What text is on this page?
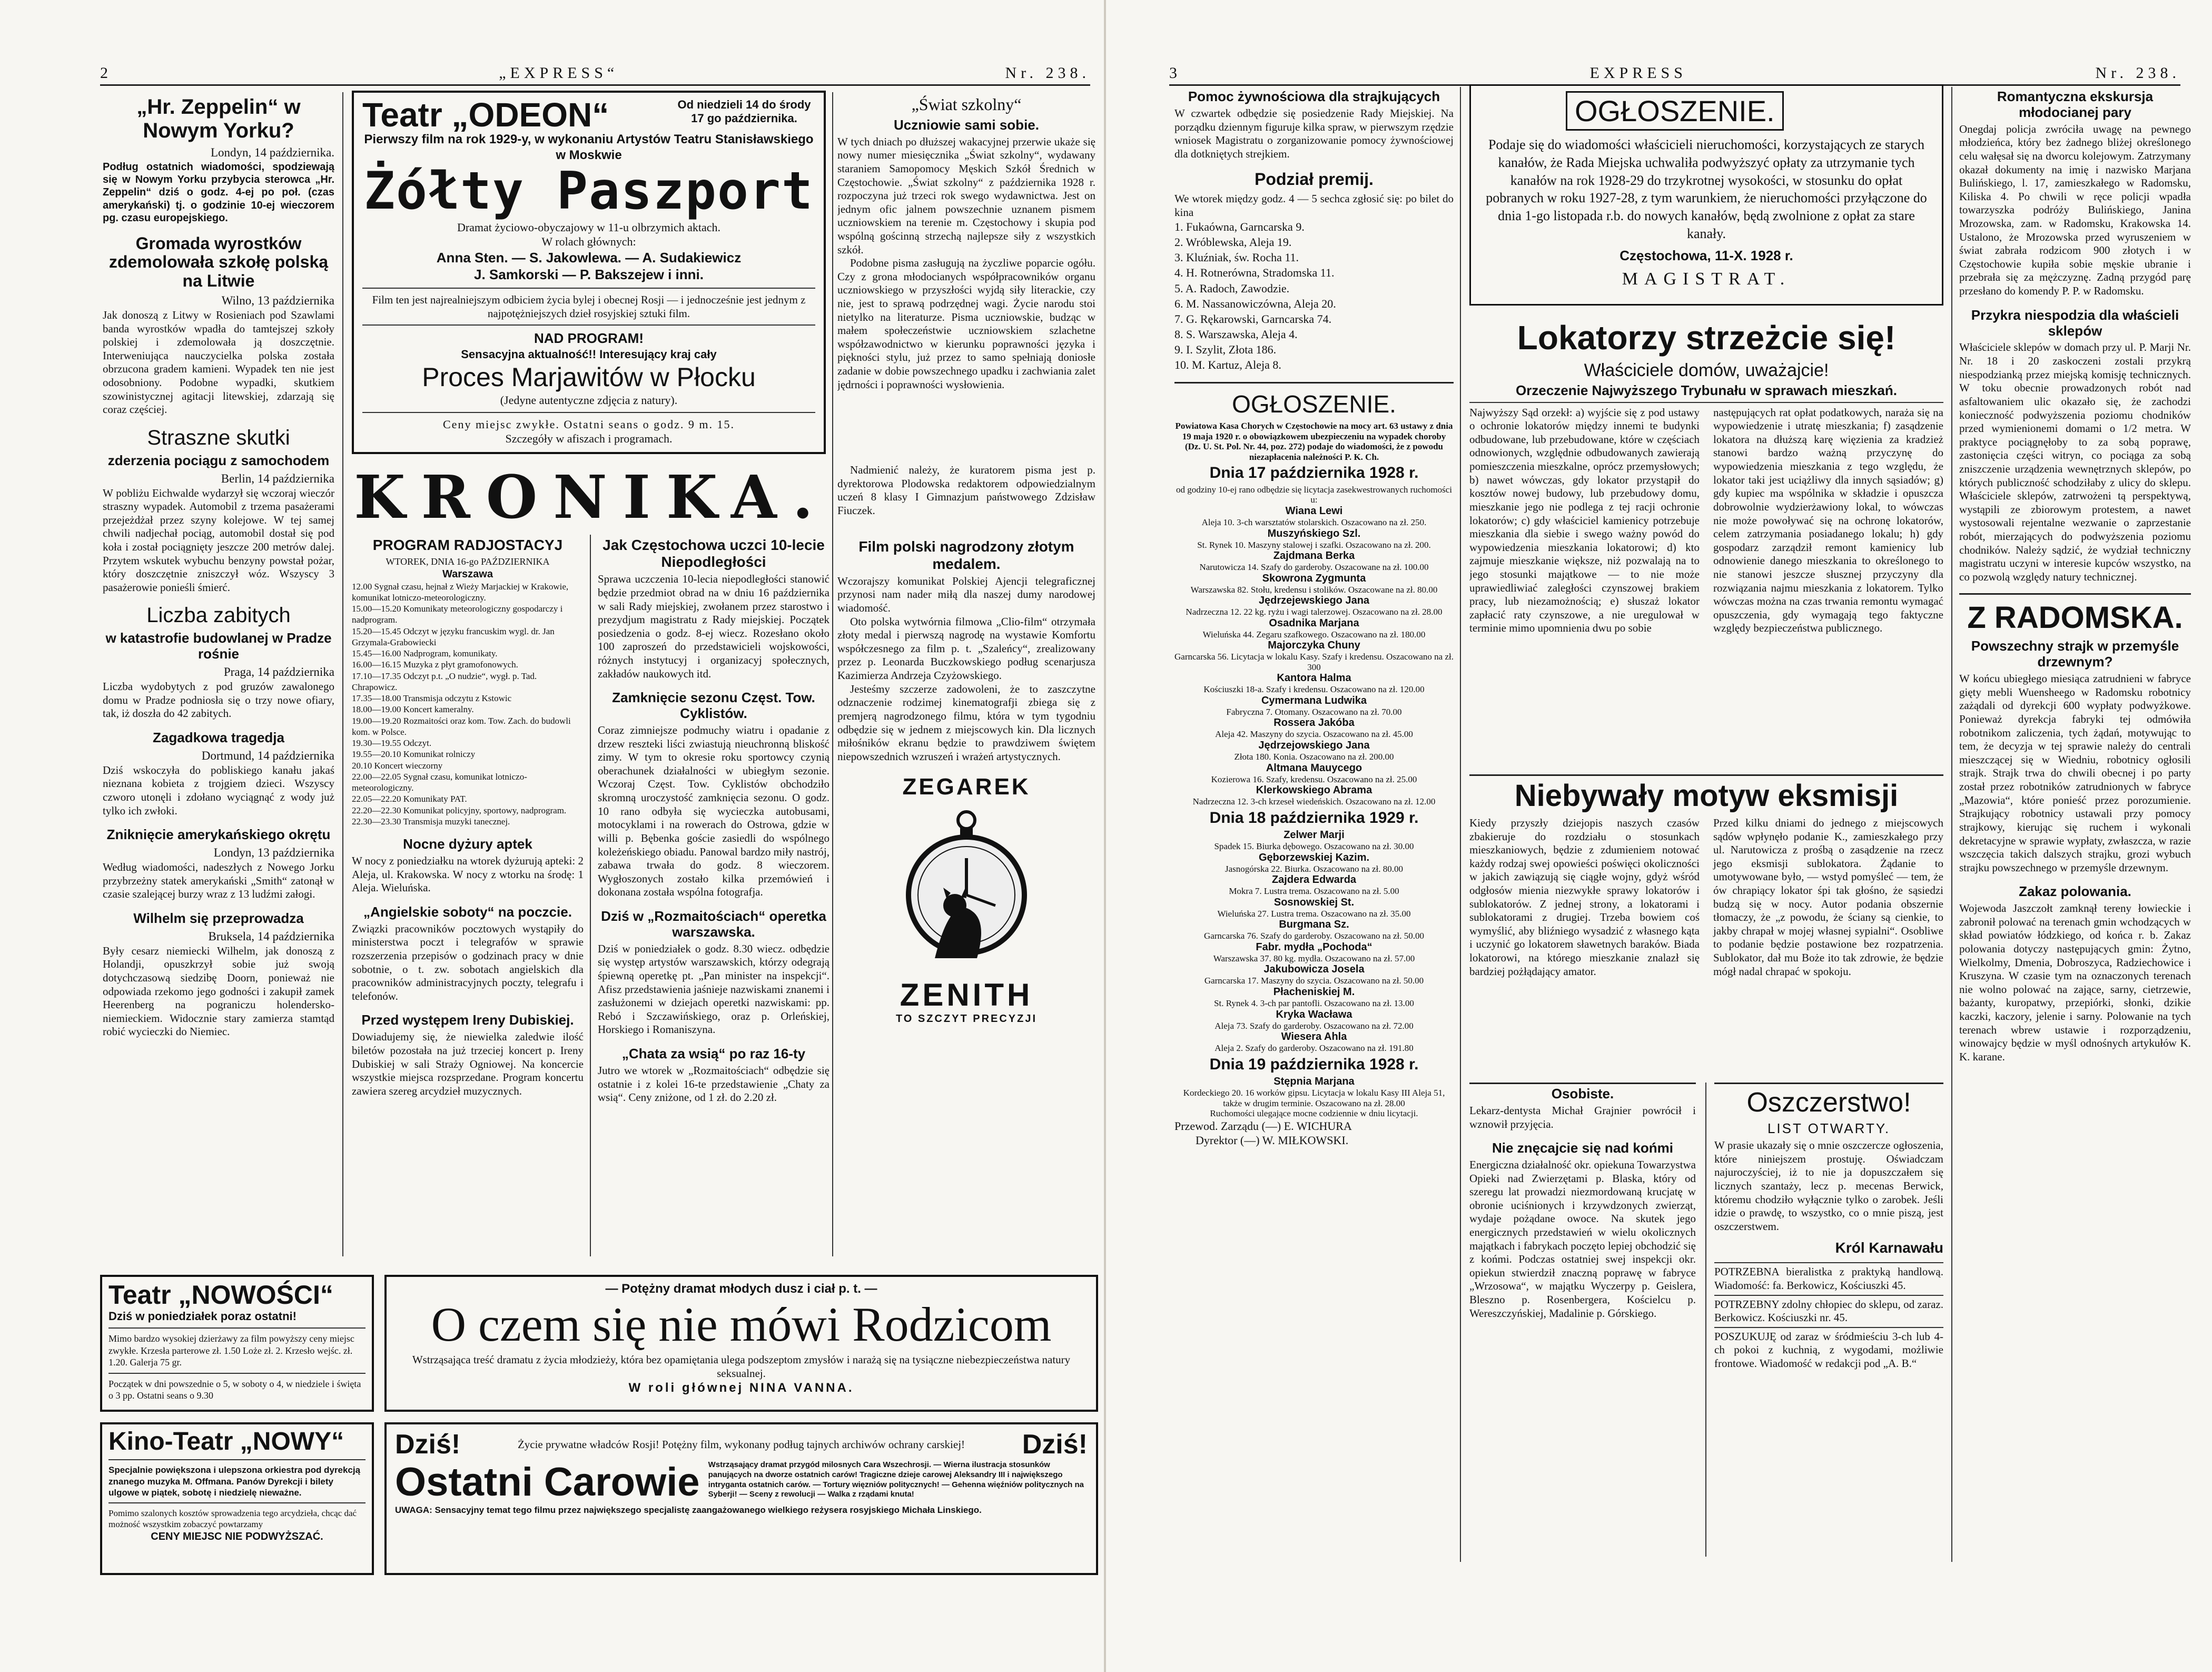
2	„EXPRESS“	Nr. 238.
„Hr. Zeppelin“ w Nowym Yorku?
Londyn, 14 października.

Podług ostatnich wiadomości, spodziewają się w Nowym Yorku przybycia sterowca „Hr. Zeppelin“ dziś o godz. 4-ej po poł. (czas amerykański) tj. o godzinie 10-ej wieczorem pg. czasu europejskiego.

Gromada wyrostków zdemolowała szkołę polską na Litwie
Wilno, 13 października

Jak donoszą z Litwy w Rosieniach pod Szawlami banda wyrostków wpadła do tamtejszej szkoły polskiej i zdemolowała ją doszczętnie. Interweniująca nauczycielka polska została obrzucona gradem kamieni. Wypadek ten nie jest odosobniony. Podobne wypadki, skutkiem szowinistycznej agitacji litewskiej, zdarzają się coraz częściej.

Straszne skutki
zderzenia pociągu z samochodem
Berlin, 14 października

W pobliżu Eichwalde wydarzył się wczoraj wieczór straszny wypadek. Automobil z trzema pasażerami przejeżdżał przez szyny kolejowe. W tej samej chwili nadjechał pociąg, automobil dostał się pod koła i został pociągnięty jeszcze 200 metrów dalej. Przytem wskutek wybuchu benzyny powstał pożar, który doszczętnie zniszczył wóz. Wszyscy 3 pasażerowie ponieśli śmierć.

Liczba zabitych
w katastrofie budowlanej w Pradze rośnie
Praga, 14 października

Liczba wydobytych z pod gruzów zawalonego domu w Pradze podniosła się o trzy nowe ofiary, tak, iż doszła do 42 zabitych.

Zagadkowa tragedja
Dortmund, 14 października

Dziś wskoczyła do pobliskiego kanału jakaś nieznana kobieta z trojgiem dzieci. Wszyscy czworo utonęli i zdołano wyciągnąć z wody już tylko ich zwłoki.

Zniknięcie amerykańskiego okrętu
Londyn, 13 października

Według wiadomości, nadeszłych z Nowego Jorku przybrzeżny statek amerykański „Smith“ zatonął w czasie szalejącej burzy wraz z 13 ludźmi załogi.

Wilhelm się przeprowadza
Bruksela, 14 października

Były cesarz niemiecki Wilhelm, jak donoszą z Holandji, opuszkrzył sobie już swoją dotychczasową siedzibę Doorn, ponieważ nie odpowiada rzekomo jego godności i zakupił zamek Heerenberg na pograniczu holendersko-niemieckiem. Widocznie stary zamierza stamtąd robić wycieczki do Niemiec.

Teatr „ODEON“	Od niedzieli 14 do środy 17 go października.

Pierwszy film na rok 1929-y, w wykonaniu Artystów Teatru Stanisławskiego w Moskwie

Żółty Paszport

Dramat życiowo-obyczajowy w 11-u olbrzymich aktach.

W rolach głównych:

Anna Sten. — S. Jakowlewa. — A. Sudakiewicz

J. Samkorski — P. Bakszejew i inni.

Film ten jest najrealniejszym odbiciem życia bylej i obecnej Rosji — i jednocześnie jest jednym z najpotężniejszych dzieł rosyjskiej sztuki film.

NAD PROGRAM!

Sensacyjna aktualność!! Interesujący kraj cały

Proces Marjawitów w Płocku

(Jedyne autentyczne zdjęcia z natury).

Ceny miejsc zwykłe. Ostatni seans o godz. 9 m. 15.

Szczegóły w afiszach i programach.

„Świat szkolny“
Uczniowie sami sobie.

W tych dniach po dłuższej wakacyjnej przerwie ukaże się nowy numer miesięcznika „Świat szkolny“, wydawany staraniem Samopomocy Męskich Szkół Średnich w Częstochowie. „Świat szkolny“ z października 1928 r. rozpoczyna już trzeci rok swego wydawnictwa. Jest on jednym ofic jalnem powszechnie uznanem pismem uczniowskiem na terenie m. Częstochowy i skupia pod wspólną gościnną strzechą najlepsze siły z wszystkich szkół.

Podobne pisma zasługują na życzliwe poparcie ogółu. Czy z grona młodocianych współpracowników organu uczniowskiego w przyszłości wyjdą siły literackie, czy nie, jest to sprawą podrzędnej wagi. Życie narodu stoi nietylko na literaturze. Pisma uczniowskie, budząc w małem społeczeństwie uczniowskiem szlachetne współzawodnictwo w kierunku poprawności języka i piękności stylu, już przez to samo spełniają doniosłe zadanie w dobie powszechnego upadku i zachwiania zalet jędrności i poprawności wysłowienia.

KRONIKA.
PROGRAM RADJOSTACYJ

WTOREK, DNIA 16-go PAŹDZIERNIKA

Warszawa

12.00 Sygnał czasu, hejnał z Wieży Marjackiej w Krakowie, komunikat lotniczo-meteorologiczny.

15.00—15.20 Komunikaty meteorologiczny gospodarczy i nadprogram.

15.20—15.45 Odczyt w języku francuskim wygl. dr. Jan Grzymala-Grabowiecki

15.45—16.00 Nadprogram, komunikaty.

16.00—16.15 Muzyka z płyt gramofonowych.

17.10—17.35 Odczyt p.t. „O nudzie“, wygł. p. Tad. Chrapowicz.

17.35—18.00 Transmisja odczytu z Kstowic

18.00—19.00 Koncert kameralny.

19.00—19.20 Rozmaitości oraz kom. Tow. Zach. do budowli kom. w Polsce.

19.30—19.55 Odczyt.

19.55—20.10 Komunikat rolniczy

20.10 Koncert wieczorny

22.00—22.05 Sygnał czasu, komunikat lotniczo-meteorologiczny.

22.05—22.20 Komunikaty PAT.

22.20—22.30 Komunikat policyjny, sportowy, nadprogram.

22.30—23.30 Transmisja muzyki tanecznej.

Nocne dyżury aptek

W nocy z poniedziałku na wtorek dyżurują apteki: 2 Aleja, ul. Krakowska. W nocy z wtorku na środę: 1 Aleja. Wieluńska.

„Angielskie soboty“ na poczcie.

Związki pracowników pocztowych wystąpiły do ministerstwa poczt i telegrafów w sprawie rozszerzenia przepisów o godzinach pracy w dnie sobotnie, o t. zw. sobotach angielskich dla pracowników administracyjnych poczty, telegrafu i telefonów.

Przed występem Ireny Dubiskiej.

Dowiadujemy się, że niewielka zaledwie ilość biletów pozostała na już trzeciej koncert p. Ireny Dubiskiej w sali Straży Ogniowej. Na koncercie wszystkie miejsca rozsprzedane. Program koncertu zawiera szereg arcydzieł muzycznych.

Jak Częstochowa uczci 10-lecie Niepodległości

Sprawa uczczenia 10-lecia niepodległości stanowić będzie przedmiot obrad na w dniu 16 października w sali Rady miejskiej, zwołanem przez starostwo i prezydjum magistratu z Rady miejskiej. Początek posiedzenia o godz. 8-ej wiecz. Rozesłano około 100 zaproszeń do przedstawicieli wojskowości, różnych instytucyj i organizacyj społecznych, zakładów naukowych itd.

Zamknięcie sezonu Częst. Tow. Cyklistów.

Coraz zimniejsze podmuchy wiatru i opadanie z drzew reszteki liści zwiastują nieuchronną bliskość zimy. W tym to okresie roku sportowcy czynią oberachunek działalności w ubiegłym sezonie. Wczoraj Częst. Tow. Cyklistów obchodziło skromną uroczystość zamknięcia sezonu. O godz. 10 rano odbyła się wycieczka autobusami, motocyklami i na rowerach do Ostrowa, gdzie w willi p. Bębenka goście zasiedli do wspólnego koleżeńskiego obiadu. Panowal bardzo miły nastrój, zabawa trwała do godz. 8 wieczorem. Wygłoszonych zostało kilka przemówień i dokonana została wspólna fotografja.

Dziś w „Rozmaitościach“ operetka warszawska.

Dziś w poniedziałek o godz. 8.30 wiecz. odbędzie się występ artystów warszawskich, którzy odegrają śpiewną operetkę pt. „Pan minister na inspekcji“. Afisz przedstawienia jaśnieje nazwiskami znanemi i zasłużonemi w dziejach operetki nazwiskami: pp. Rebó i Szczawińskiego, oraz p. Orleńskiej, Horskiego i Romaniszyna.

„Chata za wsią“ po raz 16-ty

Jutro we wtorek w „Rozmaitościach“ odbędzie się ostatnie i z kolei 16-te przedstawienie „Chaty za wsią“. Ceny zniżone, od 1 zł. do 2.20 zł.

Nadmienić należy, że kuratorem pisma jest p. dyrektorowa Plodowska redaktorem odpowiedzialnym uczeń 8 klasy I Gimnazjum państwowego Zdzisław Fiuczek.

Film polski nagrodzony złotym medalem.

Wczorajszy komunikat Polskiej Ajencji telegraficznej przynosi nam nader miłą dla naszej dumy narodowej wiadomość.

Oto polska wytwórnia filmowa „Clio-film“ otrzymała złoty medal i pierwszą nagrodę na wystawie Komfortu współczesnego za film p. t. „Szaleńcy“, zrealizowany przez p. Leonarda Buczkowskiego podług scenarjusza Kazimierza Andrzeja Czyżowskiego.

Jesteśmy szczerze zadowoleni, że to zaszczytne odznaczenie rodzimej kinematografji zbiega się z premjerą nagrodzonego filmu, która w tym tygodniu odbędzie się w jednem z miejscowych kin. Dla licznych miłośników ekranu będzie to prawdziwem świętem niepowszednich wzruszeń i wrażeń artystycznych.

ZEGAREK
ZENITH
TO SZCZYT PRECYZJI
Teatr „NOWOŚCI“

Dziś w poniedziałek poraz ostatni!

Mimo bardzo wysokiej dzierżawy za film powyższy ceny miejsc zwykłe. Krzesła parterowe zł. 1.50 Loże zł. 2. Krzesło wejśc. zł. 1.20. Galerja 75 gr.

Początek w dni powszednie o 5, w soboty o 4, w niedziele i święta o 3 pp. Ostatni seans o 9.30

— Potężny dramat młodych dusz i ciał p. t. —

O czem się nie mówi Rodzicom

Wstrząsająca treść dramatu z życia młodzieży, która bez opamiętania ulega podszeptom zmysłów i narażą się na tysiączne niebezpieczeństwa natury seksualnej.

W roli głównej NINA VANNA.

Kino-Teatr „NOWY“

Specjalnie powiększona i ulepszona orkiestra pod dyrekcją znanego muzyka M. Offmana. Panów Dyrekcji i bilety ulgowe w piątek, sobotę i niedzielę nieważne.

Pomimo szalonych kosztów sprowadzenia tego arcydzieła, chcąc dać możność wszystkim zobaczyć powtarzamy

CENY MIEJSC NIE PODWYŻSZAĆ.

Dziś!	Życie prywatne władców Rosji! Potężny film, wykonany podług tajnych archiwów ochrany carskiej!	Dziś!
Ostatni Carowie Wstrząsający dramat przygód milosnych Cara Wszechrosji. — Wierna ilustracja stosunków panujących na dworze ostatnich carów! Tragiczne dzieje carowej Aleksandry III i największego intryganta ostatnich carów. — Tortury więzniów politycznych! — Gehenna więźniów politycznych na Syberji! — Sceny z rewolucji — Walka z rządami knuta!

UWAGA: Sensacyjny temat tego filmu przez największego specjalistę zaangażowanego wielkiego reżysera rosyjskiego Michała Linskiego.

3	EXPRESS	Nr. 238.
Pomoc żywnościowa dla strajkujących

W czwartek odbędzie się posiedzenie Rady Miejskiej. Na porządku dziennym figuruje kilka spraw, w pierwszym rzędzie wniosek Magistratu o zorganizowanie pomocy żywnościowej dla dotkniętych strejkiem.

Podział premij.

We wtorek między godz. 4 — 5 sechca zgłosić się: po bilet do kina

1. Fukaówna, Garncarska 9.

2. Wróblewska, Aleja 19.

3. Kluźniak, św. Rocha 11.

4. H. Rotnerówna, Stradomska 11.

5. A. Radoch, Zawodzie.

6. M. Nassanowiczówna, Aleja 20.

7. G. Rękarowski, Garncarska 74.

8. S. Warszawska, Aleja 4.

9. I. Szylit, Złota 186.

10. M. Kartuz, Aleja 8.

OGŁOSZENIE.

Powiatowa Kasa Chorych w Częstochowie na mocy art. 63 ustawy z dnia 19 maja 1920 r. o obowiązkowem ubezpieczeniu na wypadek choroby (Dz. U. St. Pol. Nr. 44, poz. 272) podaje do wiadomości, że z powodu niezapłacenia należności P. K. Ch.

Dnia 17 października 1928 r.

od godziny 10-ej rano odbędzie się licytacja zasekwestrowanych ruchomości u:

Wiana Lewi

Aleja 10. 3-ch warsztatów stolarskich. Oszacowano na zł. 250.

Muszyńskiego Szl.

St. Rynek 10. Maszyny stalowej i szafki. Oszacowano na zł. 200.

Zajdmana Berka

Narutowicza 14. Szafy do garderoby. Oszacowane na zł. 100.00

Skowrona Zygmunta

Warszawska 82. Stołu, kredensu i stolików. Oszacowane na zł. 80.00

Jędrzejewskiego Jana

Nadrzeczna 12. 22 kg. ryżu i wagi talerzowej. Oszacowano na zł. 28.00

Osadnika Marjana

Wieluńska 44. Zegaru szafkowego. Oszacowano na zł. 180.00

Majorczyka Chuny

Garncarska 56. Licytacja w lokalu Kasy. Szafy i kredensu. Oszacowano na zł. 300

Kantora Halma

Kościuszki 18-a. Szafy i kredensu. Oszacowano na zł. 120.00

Cymermana Ludwika

Fabryczna 7. Otomany. Oszacowano na zł. 70.00

Rossera Jakóba

Aleja 42. Maszyny do szycia. Oszacowano na zł. 45.00

Jędrzejowskiego Jana

Złota 180. Konia. Oszacowano na zł. 200.00

Altmana Mauycego

Kozierowa 16. Szafy, kredensu. Oszacowano na zł. 25.00

Klerkowskiego Abrama

Nadrzeczna 12. 3-ch krzeseł wiedeńskich. Oszacowano na zł. 12.00

Dnia 18 października 1929 r.

Zelwer Marji

Spadek 15. Biurka dębowego. Oszacowano na zł. 30.00

Gęborzewskiej Kazim.

Jasnogórska 22. Biurka. Oszacowano na zł. 80.00

Zajdera Edwarda

Mokra 7. Lustra trema. Oszacowano na zł. 5.00

Sosnowskiej St.

Wieluńska 27. Lustra trema. Oszacowano na zł. 35.00

Burgmana Sz.

Garncarska 76. Szafy do garderoby. Oszacowano na zł. 50.00

Fabr. mydła „Pochoda“

Warszawska 37. 80 kg. mydła. Oszacowano na zł. 57.00

Jakubowicza Josela

Garncarska 17. Maszyny do szycia. Oszacowano na zł. 50.00

Płacheniskiej M.

St. Rynek 4. 3-ch par pantofli. Oszacowano na zł. 13.00

Kryka Wacława

Aleja 73. Szafy do garderoby. Oszacowano na zł. 72.00

Wiesera Ahla

Aleja 2. Szafy do garderoby. Oszacowano na zł. 191.80

Dnia 19 października 1928 r.

Stępnia Marjana

Kordeckiego 20. 16 worków gipsu. Licytacja w lokalu Kasy III Aleja 51, także w drugim terminie. Oszacowano na zł. 28.00

Ruchomości ulegające mocne codziennie w dniu licytacji.

Przewod. Zarządu (—) E. WICHURA

Dyrektor (—) W. MIŁKOWSKI.

OGŁOSZENIE.

Podaje się do wiadomości właścicieli nieruchomości, korzystających ze starych kanałów, że Rada Miejska uchwaliła podwyższyć opłaty za utrzymanie tych kanałów na rok 1928-29 do trzykrotnej wysokości, w stosunku do opłat pobranych w roku 1927-28, z tym warunkiem, że nieruchomości przyłączone do dnia 1-go listopada r.b. do nowych kanałów, będą zwolnione z opłat za stare kanały.

Częstochowa, 11-X. 1928 r.

MAGISTRAT.

Lokatorzy strzeżcie się!
Właściciele domów, uważajcie!
Orzeczenie Najwyższego Trybunału w sprawach mieszkań.

Najwyższy Sąd orzekł: a) wyjście się z pod ustawy o ochronie lokatorów między innemi te budynki odbudowane, lub przebudowane, które w częściach odnowionych, względnie odbudowanych zawierają pomieszczenia mieszkalne, oprócz przemysłowych; b) nawet wówczas, gdy lokator przystąpił do kosztów nowej budowy, lub przebudowy domu, mieszkanie jego nie podlega z tej racji ochronie lokatorów; c) gdy właściciel kamienicy potrzebuje mieszkania dla siebie i swego ważny powód do wypowiedzenia mieszkania lokatorowi; d) kto zajmuje mieszkanie większe, niż pozwalają na to jego stosunki majątkowe — to nie może uprawiedliwiać zaległości czynszowej brakiem pracy, lub niezamożnością; e) słuszaż lokator zapłacić raty czynszowe, a nie uregulował w terminie mimo upomnienia dwu po sobie

następujących rat opłat podatkowych, naraża się na wypowiedzenie i utratę mieszkania; f) zasądzenie lokatora na dłuższą karę więzienia za kradzież stanowi bardzo ważną przyczynę do wypowiedzenia mieszkania z tego względu, że lokator taki jest uciążliwy dla innych sąsiadów; g) gdy kupiec ma wspólnika w składzie i opuszcza dobrowolnie wydzierżawiony lokal, to wówczas nie może powoływać się na ochronę lokatorów, celem zatrzymania posiadanego lokalu; h) gdy gospodarz zarządził remont kamienicy lub odnowienie danego mieszkania to określonego to nie stanowi jeszcze słusznej przyczyny dla rozwiązania najmu mieszkania z lokatorem. Tylko wówczas można na czas trwania remontu wymagać opuszczenia, gdy wymagają tego faktyczne względy bezpieczeństwa publicznego.

Niebywały motyw eksmisji

Kiedy przyszły dziejopis naszych czasów zbakieruje do rozdziału o stosunkach mieszkaniowych, będzie z zdumieniem notować każdy rodzaj swej opowieści poświęci okoliczności w jakich zawiązują się ciągłe wojny, gdyż wśród odgłosów mienia niezwykłe sprawy lokatorów i sublokatorów. Z jednej strony, a lokatorami i sublokatorami z drugiej. Trzeba bowiem coś wymyślić, aby bliźniego wysadzić z własnego kąta i uczynić go lokatorem sławetnych baraków. Biada lokatorowi, na którego mieszkanie znalazł się bardziej pożłądający amator.

Przed kilku dniami do jednego z miejscowych sądów wpłynęło podanie K., zamieszkałego przy ul. Narutowicza z prośbą o zasądzenie na rzecz jego eksmisji sublokatora. Żądanie to umotywowane było, — wstyd pomyśleć — tem, że ów chrapiący lokator śpi tak głośno, że sąsiedzi budzą się w nocy. Autor podania obszernie tłomaczy, że „z powodu, że ściany są cienkie, to jakby chrapał w mojej własnej sypialni“. Osobliwe to podanie będzie postawione bez rozpatrzenia. Sublokator, dał mu Boże ito tak zdrowie, że będzie mógł nadal chrapać w spokoju.

Osobiste.

Lekarz-dentysta Michał Grajnier powrócił i wznowił przyjęcia.

Nie znęcajcie się nad końmi

Energiczna działalność okr. opiekuna Towarzystwa Opieki nad Zwierzętami p. Blaska, który od szeregu lat prowadzi niezmordowaną krucjatę w obronie uciśnionych i krzywdzonych zwierząt, wydaje pożądane owoce. Na skutek jego energicznych przedstawień w wielu okolicznych majątkach i fabrykach poczęto lepiej obchodzić się z końmi. Podczas ostatniej swej inspekcji okr. opiekun stwierdził znaczną poprawę w fabryce „Wrzosowa“, w majątku Wyczerpy p. Geislera, Bleszno p. Rosenbergera, Kościelcu p. Wereszczyńskiej, Madalinie p. Górskiego.

Oszczerstwo!
LIST OTWARTY.

W prasie ukazały się o mnie oszczercze ogłoszenia, które niniejszem prostuję. Oświadczam najuroczyściej, iż to nie ja dopuszczałem się licznych szantaży, lecz p. mecenas Berwick, któremu chodziło wyłącznie tylko o zarobek. Jeśli idzie o prawdę, to wszystko, co o mnie piszą, jest oszczerstwem.

Król Karnawału

POTRZEBNA bieralistka z praktyką handlową. Wiadomość: fa. Berkowicz, Kościuszki 45.

POTRZEBNY zdolny chłopiec do sklepu, od zaraz. Berkowicz. Kościuszki nr. 45.

POSZUKUJĘ od zaraz w śródmieściu 3-ch lub 4-ch pokoi z kuchnią, z wygodami, możliwie frontowe. Wiadomość w redakcji pod „A. B.“

Romantyczna ekskursja młodocianej pary

Onegdaj policja zwróciła uwagę na pewnego młodzieńca, który bez żadnego bliżej określonego celu wałęsał się na dworcu kolejowym. Zatrzymany okazał dokumenty na imię i nazwisko Marjana Bulińskiego, l. 17, zamieszkałego w Radomsku, Kiliska 4. Po chwili w ręce policji wpadła towarzyszka podróży Bulińskiego, Janina Mrozowska, zam. w Radomsku, Krakowska 14. Ustalono, że Mrozowska przed wyruszeniem w świat zabrała rodzicom 900 złotych i w Częstochowie kupiła sobie męskie ubranie i przebrała się za mężczyznę. Zadną przygód parę przesłano do komendy P. P. w Radomsku.

Przykra niespodzia dla właścieli sklepów

Właściciele sklepów w domach przy ul. P. Marji Nr. Nr. 18 i 20 zaskoczeni zostali przykrą niespodzianką przez miejską komisję technicznych. W toku obecnie prowadzonych robót nad asfaltowaniem ulic okazało się, że zachodzi konieczność podwyższenia poziomu chodników przed wymienionemi domami o 1/2 metra. W praktyce pociągnęłoby to za sobą poprawę, zastonięcia części witryn, co pociąga za sobą zniszczenie urządzenia wewnętrznych sklepów, po których publiczność schodziłaby z ulicy do sklepu. Właściciele sklepów, zatrwożeni tą perspektywą, wystąpili ze zbiorowym protestem, a nawet wystosowali rejentalne wezwanie o zaprzestanie robót, mierzających do podwyższenia poziomu chodników. Należy sądzić, że wydział techniczny magistratu uczyni w interesie kupców wszystko, na co pozwolą względy natury technicznej.

Z RADOMSKA.
Powszechny strajk w przemyśle drzewnym?

W końcu ubiegłego miesiąca zatrudnieni w fabryce gięty mebli Wuensheego w Radomsku robotnicy zażądali od dyrekcji 600 wypłaty podwyżkowe. Ponieważ dyrekcja fabryki tej odmówiła robotnikom zaliczenia, tych żądań, motywując to tem, że decyzja w tej sprawie należy do centrali mieszczącej się w Wiedniu, robotnicy ogłosili strajk. Strajk trwa do chwili obecnej i po party został przez robotników zatrudnionych w fabryce „Mazowia“, które ponieść przez porozumienie. Strajkujący robotnicy ustawali przy pomocy strajkowy, kierując się ruchem i wykonali dekretacyjne w sprawie wypłaty, zwłaszcza, w razie wszczęcia takich dalszych strajku, grozi wybuch strajku powszechnego w przemyśle drzewnym.

Zakaz polowania.

Wojewoda Jaszczołt zamknął tereny łowieckie i zabronił polować na terenach gmin wchodzących w skład powiatów łódzkiego, od końca r. b. Zakaz polowania dotyczy następujących gmin: Żytno, Wielkolmy, Dmenia, Dobroszyca, Radziechowice i Kruszyna. W czasie tym na oznaczonych terenach nie wolno polować na zające, sarny, cietrzewie, bażanty, kuropatwy, przepiórki, słonki, dzikie kaczki, kaczory, jelenie i sarny. Polowanie na tych terenach wbrew ustawie i rozporządzeniu, winowajcy będzie w myśl odnośnych artykułów K. K. karane.
